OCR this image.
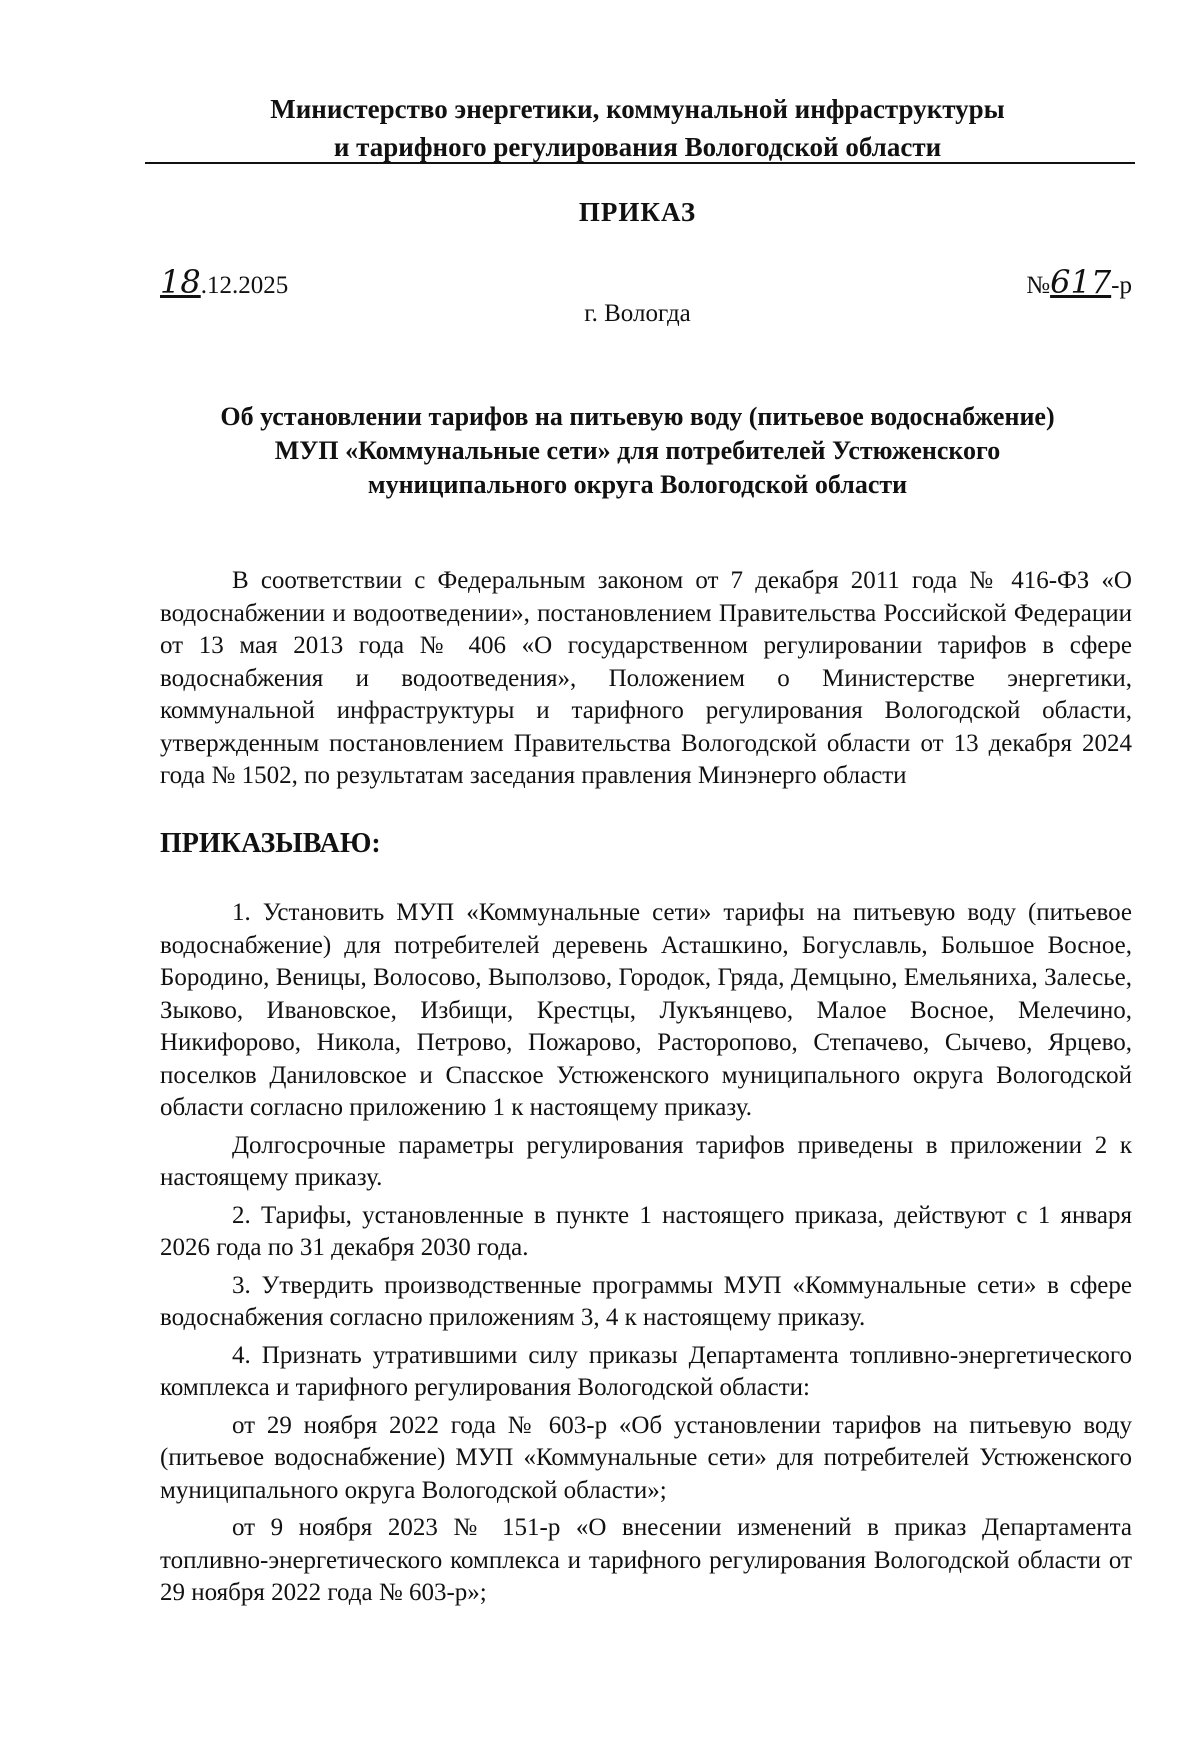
Министерство энергетики, коммунальной инфраструктуры
и тарифного регулирования Вологодской области
ПРИКАЗ
18.12.2025	№617-р
г. Вологда
Об установлении тарифов на питьевую воду (питьевое водоснабжение)
МУП «Коммунальные сети» для потребителей Устюженского
муниципального округа Вологодской области

В соответствии с Федеральным законом от 7 декабря 2011 года № 416-ФЗ «О водоснабжении и водоотведении», постановлением Правительства Российской Федерации от 13 мая 2013 года № 406 «О государственном регулировании тарифов в сфере водоснабжения и водоотведения», Положением о Министерстве энергетики, коммунальной инфраструктуры и тарифного регулирования Вологодской области, утвержденным постановлением Правительства Вологодской области от 13 декабря 2024 года № 1502, по результатам заседания правления Минэнерго области

ПРИКАЗЫВАЮ:

1. Установить МУП «Коммунальные сети» тарифы на питьевую воду (питьевое водоснабжение) для потребителей деревень Асташкино, Богуславль, Большое Восное, Бородино, Веницы, Волосово, Выползово, Городок, Гряда, Демцыно, Емельяниха, Залесье, Зыково, Ивановское, Избищи, Крестцы, Лукъянцево, Малое Восное, Мелечино, Никифорово, Никола, Петрово, Пожарово, Расторопово, Степачево, Сычево, Ярцево, поселков Даниловское и Спасское Устюженского муниципального округа Вологодской области согласно приложению 1 к настоящему приказу.

Долгосрочные параметры регулирования тарифов приведены в приложении 2 к настоящему приказу.

2. Тарифы, установленные в пункте 1 настоящего приказа, действуют с 1 января 2026 года по 31 декабря 2030 года.

3. Утвердить производственные программы МУП «Коммунальные сети» в сфере водоснабжения согласно приложениям 3, 4 к настоящему приказу.

4. Признать утратившими силу приказы Департамента топливно-энергетического комплекса и тарифного регулирования Вологодской области:

от 29 ноября 2022 года № 603-р «Об установлении тарифов на питьевую воду (питьевое водоснабжение) МУП «Коммунальные сети» для потребителей Устюженского муниципального округа Вологодской области»;

от 9 ноября 2023 № 151-р «О внесении изменений в приказ Департамента топливно-энергетического комплекса и тарифного регулирования Вологодской области от 29 ноября 2022 года № 603-р»;
